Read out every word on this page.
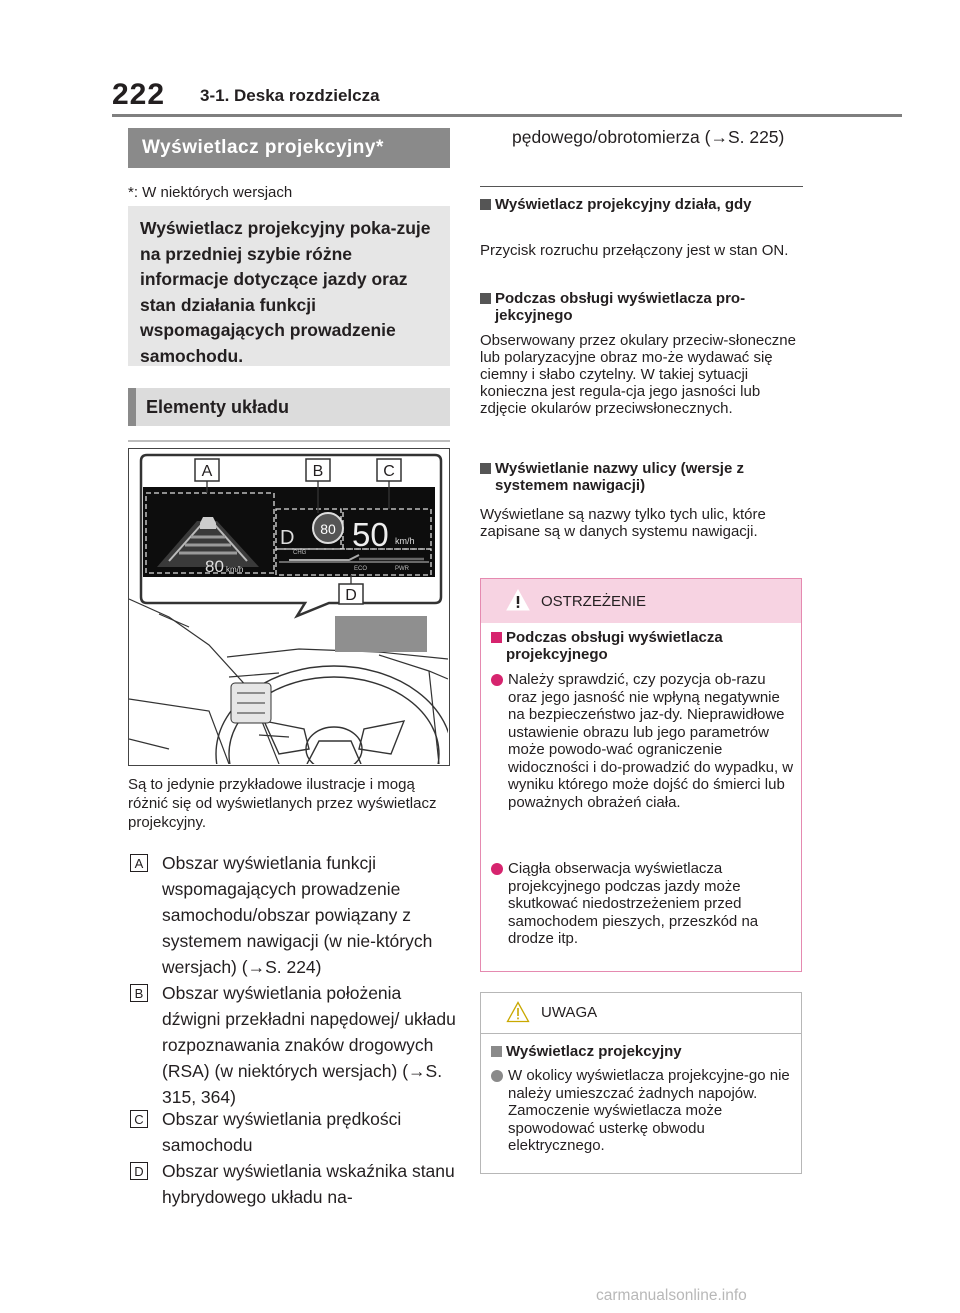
222 3-1. Deska rozdzielcza
Wyświetlacz projekcyjny*
*: W niektórych wersjach
Wyświetlacz projekcyjny poka-zuje na przedniej szybie różne informacje dotyczące jazdy oraz stan działania funkcji wspomagających prowadzenie samochodu.
Elementy układu
80 km/h
D 80 50 km/h
CHG
ECO	PWR
A	B	C
D
Są to jedynie przykładowe ilustracje i mogą różnić się od wyświetlanych przez wyświetlacz projekcyjny.
A Obszar wyświetlania funkcji wspomagających prowadzenie samochodu/obszar powiązany z systemem nawigacji (w nie-których wersjach) (→S. 224)
B Obszar wyświetlania położenia dźwigni przekładni napędowej/ układu rozpoznawania znaków drogowych (RSA) (w niektórych wersjach) (→S. 315, 364)
C Obszar wyświetlania prędkości samochodu
D Obszar wyświetlania wskaźnika stanu hybrydowego układu na-
pędowego/obrotomierza (→S. 225)
Wyświetlacz projekcyjny działa, gdy
Przycisk rozruchu przełączony jest w stan ON.
Podczas obsługi wyświetlacza pro-jekcyjnego
Obserwowany przez okulary przeciw-słoneczne lub polaryzacyjne obraz mo-że wydawać się ciemny i słabo czytelny. W takiej sytuacji konieczna jest regula-cja jego jasności lub zdjęcie okularów przeciwsłonecznych.
Wyświetlanie nazwy ulicy (wersje z systemem nawigacji)
Wyświetlane są nazwy tylko tych ulic, które zapisane są w danych systemu nawigacji.
OSTRZEŻENIE
Podczas obsługi wyświetlacza projekcyjnego
Należy sprawdzić, czy pozycja ob-razu oraz jego jasność nie wpłyną negatywnie na bezpieczeństwo jaz-dy. Nieprawidłowe ustawienie obrazu lub jego parametrów może powodo-wać ograniczenie widoczności i do-prowadzić do wypadku, w wyniku którego może dojść do śmierci lub poważnych obrażeń ciała.
Ciągła obserwacja wyświetlacza projekcyjnego podczas jazdy może skutkować niedostrzeżeniem przed samochodem pieszych, przeszkód na drodze itp.
UWAGA
Wyświetlacz projekcyjny
W okolicy wyświetlacza projekcyjne-go nie należy umieszczać żadnych napojów. Zamoczenie wyświetlacza może spowodować usterkę obwodu elektrycznego.
carmanualsonline.info
